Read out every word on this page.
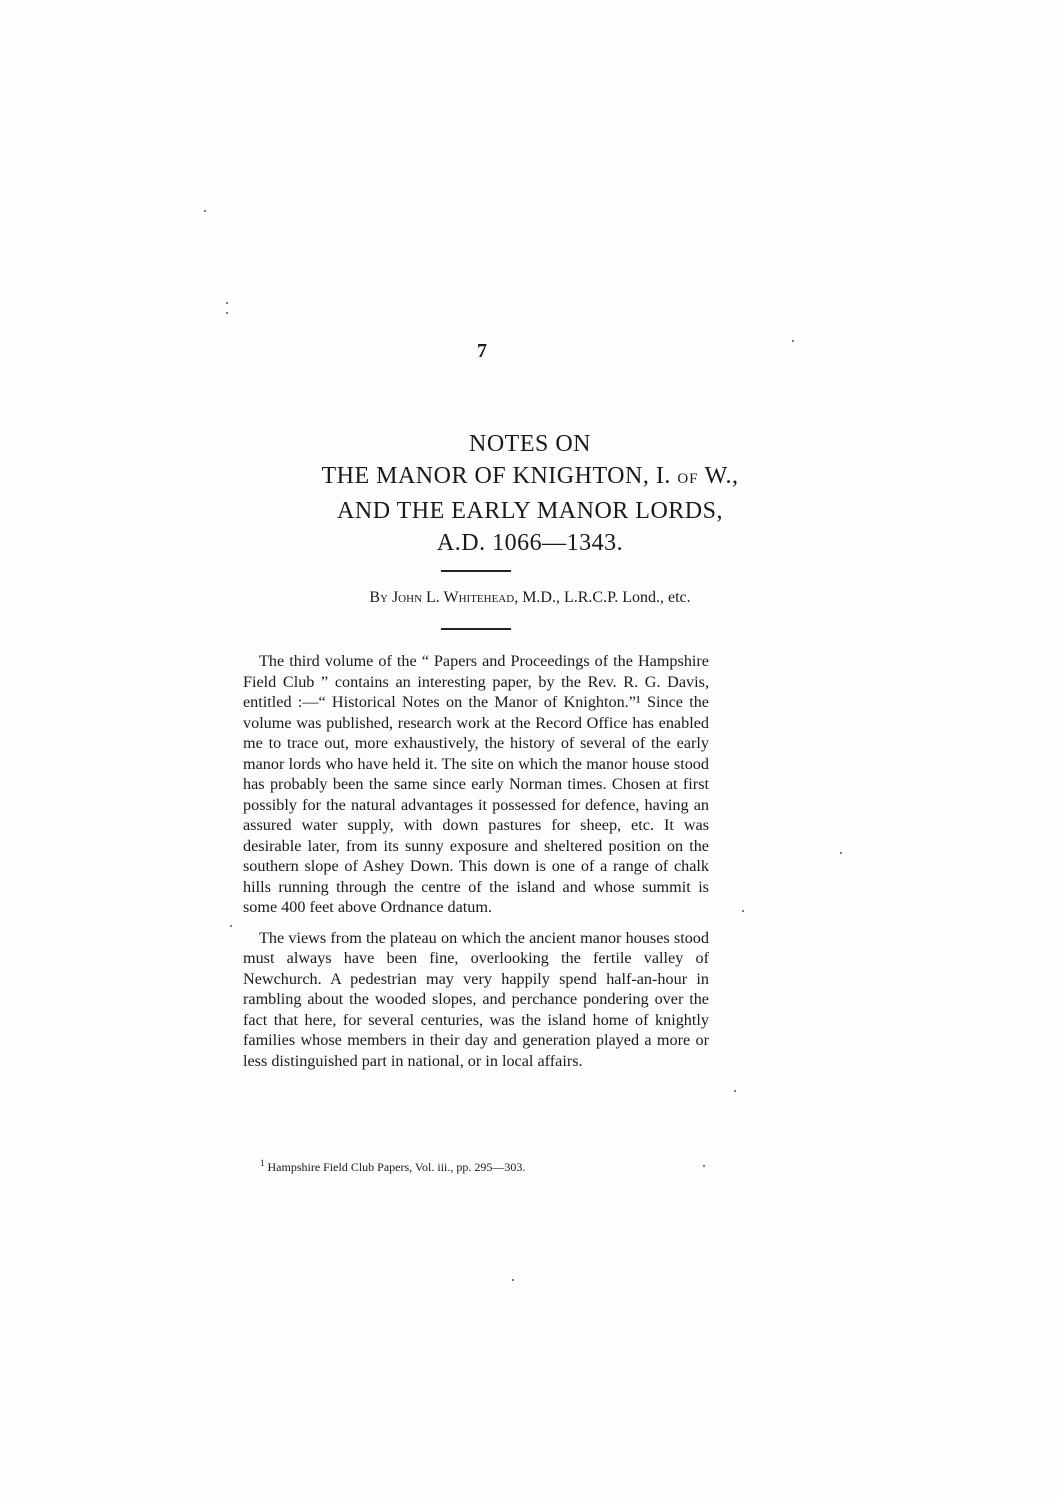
7
NOTES ON
THE MANOR OF KNIGHTON, I. OF W.,
AND THE EARLY MANOR LORDS,
A.D. 1066—1343.
By John L. Whitehead, M.D., L.R.C.P. Lond., etc.

The third volume of the “ Papers and Proceedings of the Hampshire Field Club ” contains an interesting paper, by the Rev. R. G. Davis, entitled :—“ Historical Notes on the Manor of Knighton.”¹ Since the volume was published, research work at the Record Office has enabled me to trace out, more exhaustively, the history of several of the early manor lords who have held it. The site on which the manor house stood has probably been the same since early Norman times. Chosen at first possibly for the natural advantages it possessed for defence, having an assured water supply, with down pastures for sheep, etc. It was desirable later, from its sunny exposure and sheltered position on the southern slope of Ashey Down. This down is one of a range of chalk hills running through the centre of the island and whose summit is some 400 feet above Ordnance datum.

The views from the plateau on which the ancient manor houses stood must always have been fine, overlooking the fertile valley of Newchurch. A pedestrian may very happily spend half-an-hour in rambling about the wooded slopes, and perchance pondering over the fact that here, for several centuries, was the island home of knightly families whose members in their day and generation played a more or less distinguished part in national, or in local affairs.

$^1$ Hampshire Field Club Papers, Vol. iii., pp. 295—303.
